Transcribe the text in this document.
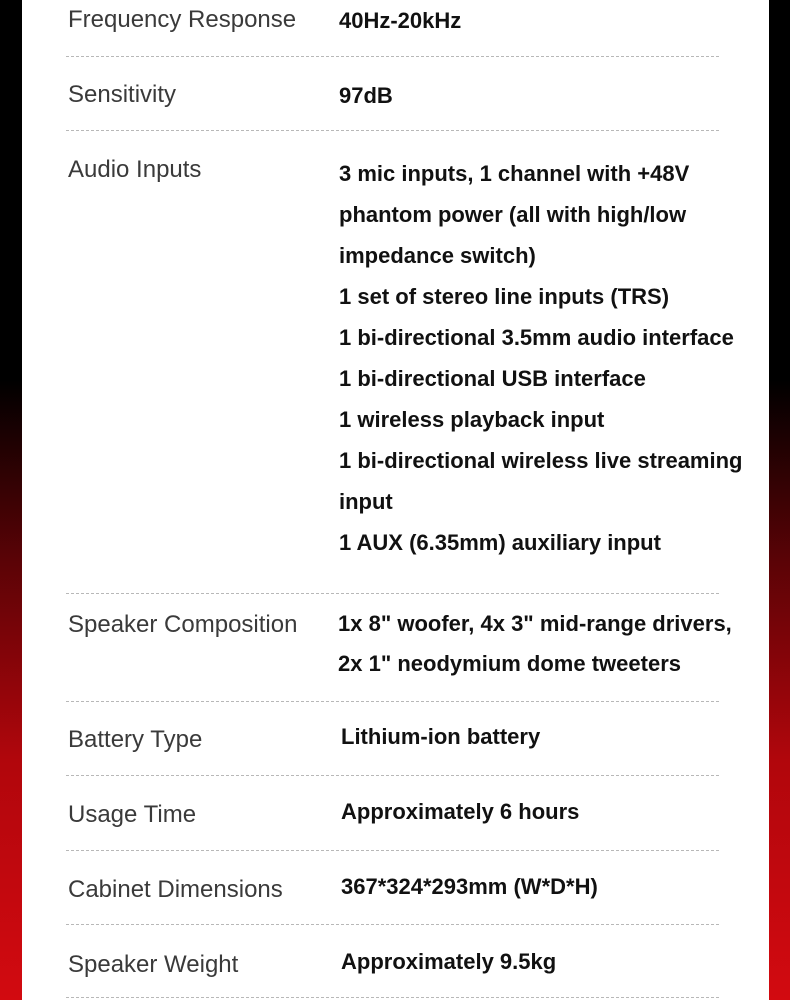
Frequency Response 40Hz-20kHz
Sensitivity	97dB
Audio Inputs	3 mic inputs, 1 channel with +48V
phantom power (all with high/low
impedance switch)
1 set of stereo line inputs (TRS)
1 bi-directional 3.5mm audio interface
1 bi-directional USB interface
1 wireless playback input
1 bi-directional wireless live streaming
input
1 AUX (6.35mm) auxiliary input
Speaker Composition 1x 8" woofer, 4x 3" mid-range drivers,
2x 1" neodymium dome tweeters
Battery Type	Lithium-ion battery
Usage Time	Approximately 6 hours
Cabinet Dimensions	367*324*293mm (W*D*H)
Speaker Weight	Approximately 9.5kg
